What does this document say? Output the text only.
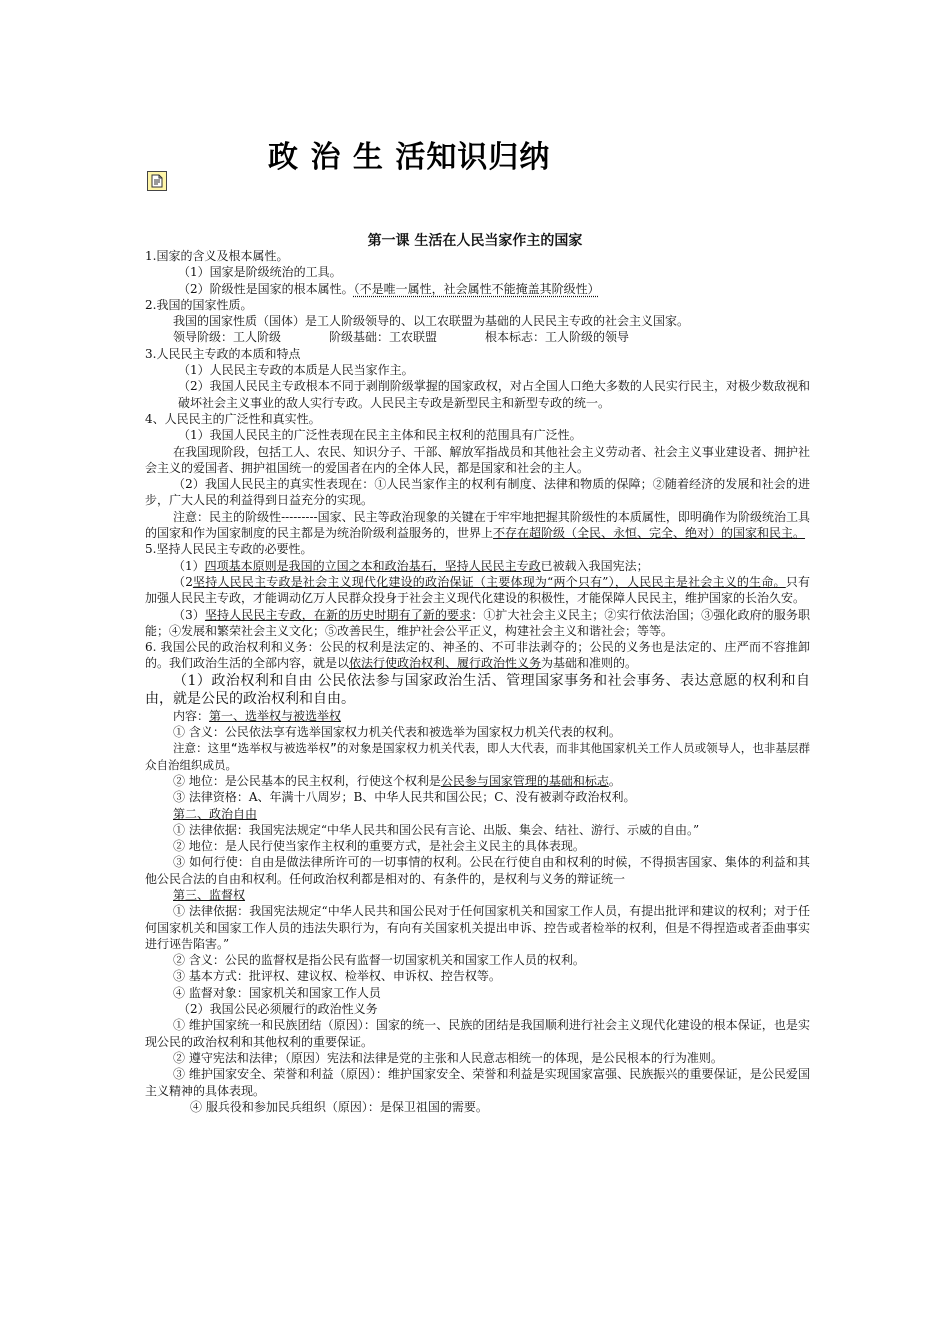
政 治 生 活知识归纳
第一课 生活在人民当家作主的国家

1.国家的含义及根本属性。

（1）国家是阶级统治的工具。

（2）阶级性是国家的根本属性。（不是唯一属性，社会属性不能掩盖其阶级性）

2.我国的国家性质。

我国的国家性质（国体）是工人阶级领导的、以工农联盟为基础的人民民主专政的社会主义国家。

领导阶级：工人阶级　　　　阶级基础：工农联盟　　　　根本标志：工人阶级的领导

3.人民民主专政的本质和特点

（1）人民民主专政的本质是人民当家作主。

（2）我国人民民主专政根本不同于剥削阶级掌握的国家政权，对占全国人口绝大多数的人民实行民主，对极少数敌视和破坏社会主义事业的敌人实行专政。人民民主专政是新型民主和新型专政的统一。

4、人民民主的广泛性和真实性。

（1）我国人民民主的广泛性表现在民主主体和民主权利的范围具有广泛性。

在我国现阶段，包括工人、农民、知识分子、干部、解放军指战员和其他社会主义劳动者、社会主义事业建设者、拥护社会主义的爱国者、拥护祖国统一的爱国者在内的全体人民，都是国家和社会的主人。

（2）我国人民民主的真实性表现在：①人民当家作主的权利有制度、法律和物质的保障；②随着经济的发展和社会的进步，广大人民的利益得到日益充分的实现。

注意：民主的阶级性---------国家、民主等政治现象的关键在于牢牢地把握其阶级性的本质属性，即明确作为阶级统治工具的国家和作为国家制度的民主都是为统治阶级利益服务的，世界上不存在超阶级（全民、永恒、完全、绝对）的国家和民主。

5.坚持人民民主专政的必要性。

（1）四项基本原则是我国的立国之本和政治基石，坚持人民民主专政已被载入我国宪法；

（2坚持人民民主专政是社会主义现代化建设的政治保证（主要体现为“两个只有”），人民民主是社会主义的生命。只有加强人民民主专政，才能调动亿万人民群众投身于社会主义现代化建设的积极性，才能保障人民民主，维护国家的长治久安。

（3）坚持人民民主专政，在新的历史时期有了新的要求：①扩大社会主义民主；②实行依法治国；③强化政府的服务职能；④发展和繁荣社会主义文化；⑤改善民生，维护社会公平正义，构建社会主义和谐社会；等等。

6. 我国公民的政治权利和义务：公民的权利是法定的、神圣的、不可非法剥夺的；公民的义务也是法定的、庄严而不容推卸的。我们政治生活的全部内容，就是以依法行使政治权利、履行政治性义务为基础和准则的。

（1）政治权利和自由 公民依法参与国家政治生活、管理国家事务和社会事务、表达意愿的权利和自由，就是公民的政治权利和自由。

内容：第一、选举权与被选举权

① 含义：公民依法享有选举国家权力机关代表和被选举为国家权力机关代表的权利。

注意：这里“选举权与被选举权”的对象是国家权力机关代表，即人大代表，而非其他国家机关工作人员或领导人，也非基层群众自治组织成员。

② 地位：是公民基本的民主权利，行使这个权利是公民参与国家管理的基础和标志。

③ 法律资格：A、年满十八周岁；B、中华人民共和国公民；C、没有被剥夺政治权利。

第二、政治自由

① 法律依据：我国宪法规定“中华人民共和国公民有言论、出版、集会、结社、游行、示威的自由。”

② 地位：是人民行使当家作主权利的重要方式，是社会主义民主的具体表现。

③ 如何行使：自由是做法律所许可的一切事情的权利。公民在行使自由和权利的时候，不得损害国家、集体的利益和其他公民合法的自由和权利。任何政治权利都是相对的、有条件的，是权利与义务的辩证统一

第三、监督权

① 法律依据：我国宪法规定“中华人民共和国公民对于任何国家机关和国家工作人员，有提出批评和建议的权利；对于任何国家机关和国家工作人员的违法失职行为，有向有关国家机关提出申诉、控告或者检举的权利，但是不得捏造或者歪曲事实进行诬告陷害。”

② 含义：公民的监督权是指公民有监督一切国家机关和国家工作人员的权利。

③ 基本方式：批评权、建议权、检举权、申诉权、控告权等。

④ 监督对象：国家机关和国家工作人员

（2）我国公民必须履行的政治性义务

① 维护国家统一和民族团结（原因）：国家的统一、民族的团结是我国顺利进行社会主义现代化建设的根本保证，也是实现公民的政治权利和其他权利的重要保证。

② 遵守宪法和法律；（原因）宪法和法律是党的主张和人民意志相统一的体现，是公民根本的行为准则。

③ 维护国家安全、荣誉和利益（原因）：维护国家安全、荣誉和利益是实现国家富强、民族振兴的重要保证，是公民爱国主义精神的具体表现。

④ 服兵役和参加民兵组织（原因）：是保卫祖国的需要。
